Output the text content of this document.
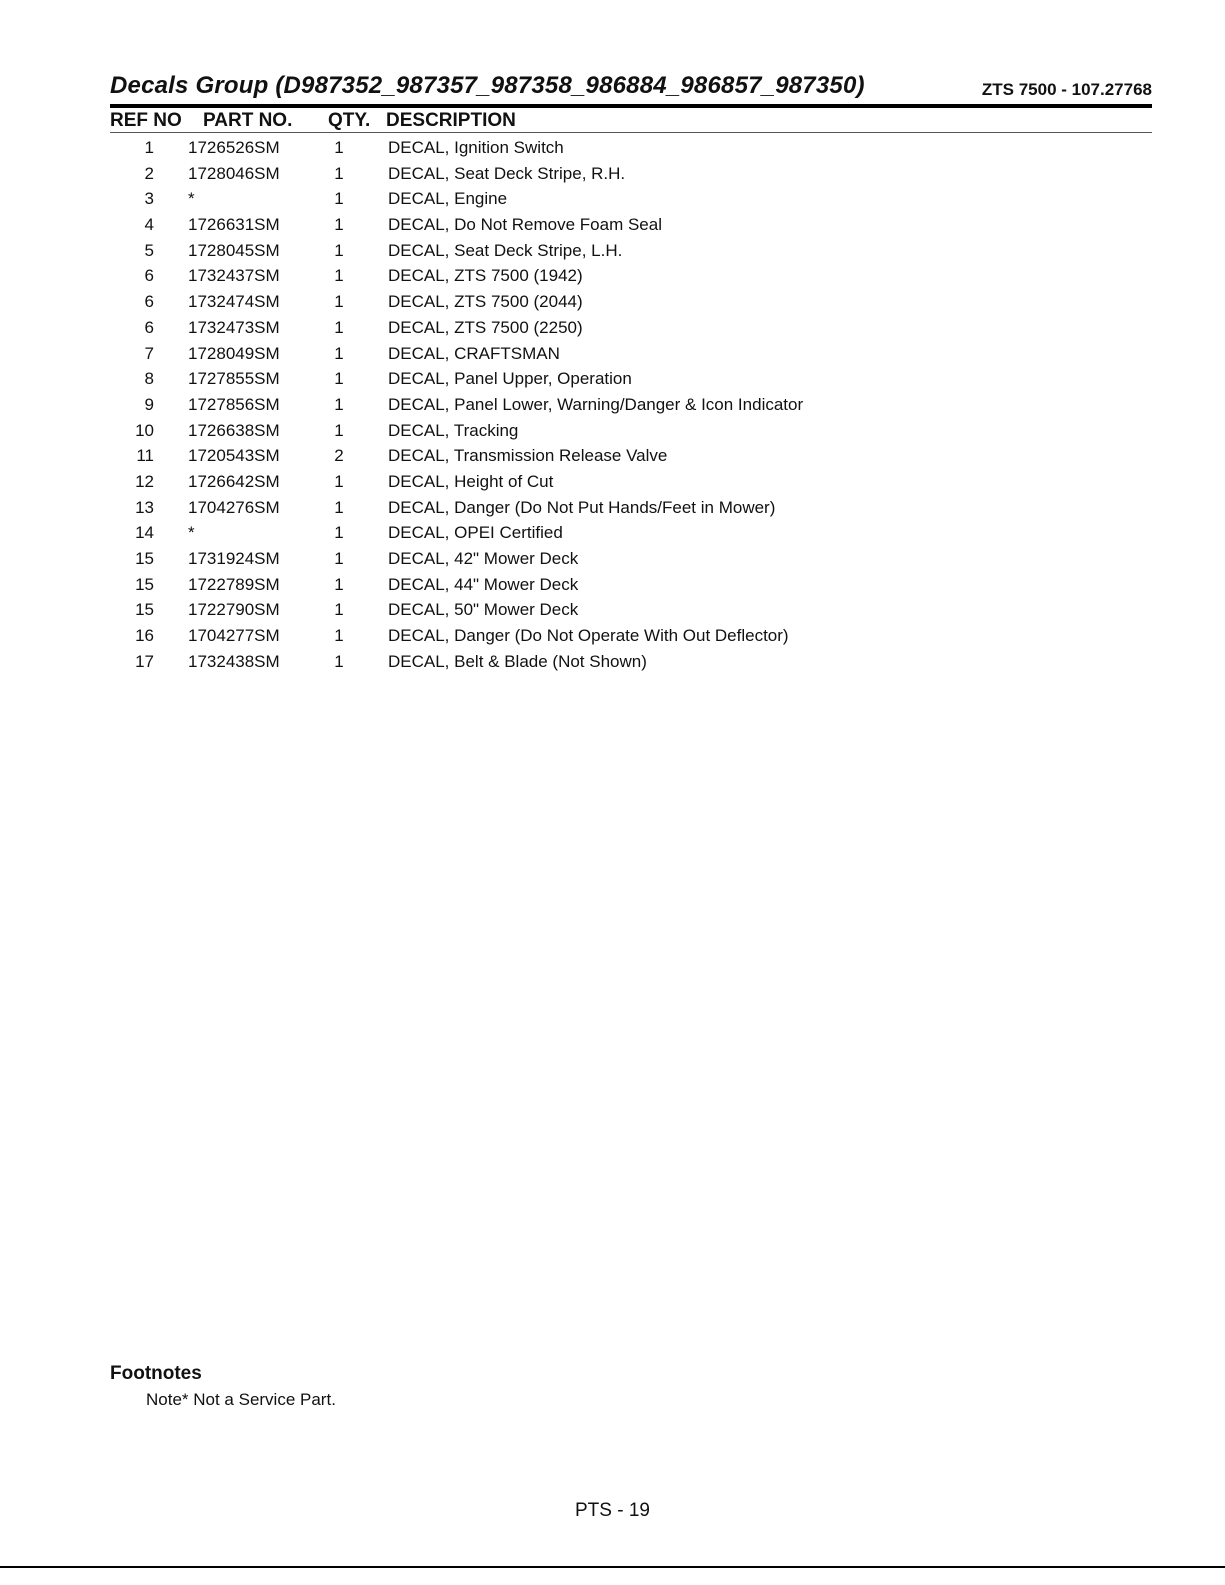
Decals Group (D987352_987357_987358_986884_986857_987350)	ZTS 7500 - 107.27768
REF NO PART NO. QTY. DESCRIPTION
1 1726526SM	1	DECAL, Ignition Switch
2 1728046SM	1	DECAL, Seat Deck Stripe, R.H.
3 *	1	DECAL, Engine
4 1726631SM	1	DECAL, Do Not Remove Foam Seal
5 1728045SM	1	DECAL, Seat Deck Stripe, L.H.
6 1732437SM	1	DECAL, ZTS 7500 (1942)
6 1732474SM	1	DECAL, ZTS 7500 (2044)
6 1732473SM	1	DECAL, ZTS 7500 (2250)
7 1728049SM	1	DECAL, CRAFTSMAN
8 1727855SM	1	DECAL, Panel Upper, Operation
9 1727856SM	1	DECAL, Panel Lower, Warning/Danger & Icon Indicator
10 1726638SM	1	DECAL, Tracking
11 1720543SM	2	DECAL, Transmission Release Valve
12 1726642SM	1	DECAL, Height of Cut
13 1704276SM	1	DECAL, Danger (Do Not Put Hands/Feet in Mower)
14 *	1	DECAL, OPEI Certified
15 1731924SM	1	DECAL, 42" Mower Deck
15 1722789SM	1	DECAL, 44" Mower Deck
15 1722790SM	1	DECAL, 50" Mower Deck
16 1704277SM	1	DECAL, Danger (Do Not Operate With Out Deflector)
17 1732438SM	1	DECAL, Belt & Blade (Not Shown)
Footnotes
Note* Not a Service Part.
PTS - 19
